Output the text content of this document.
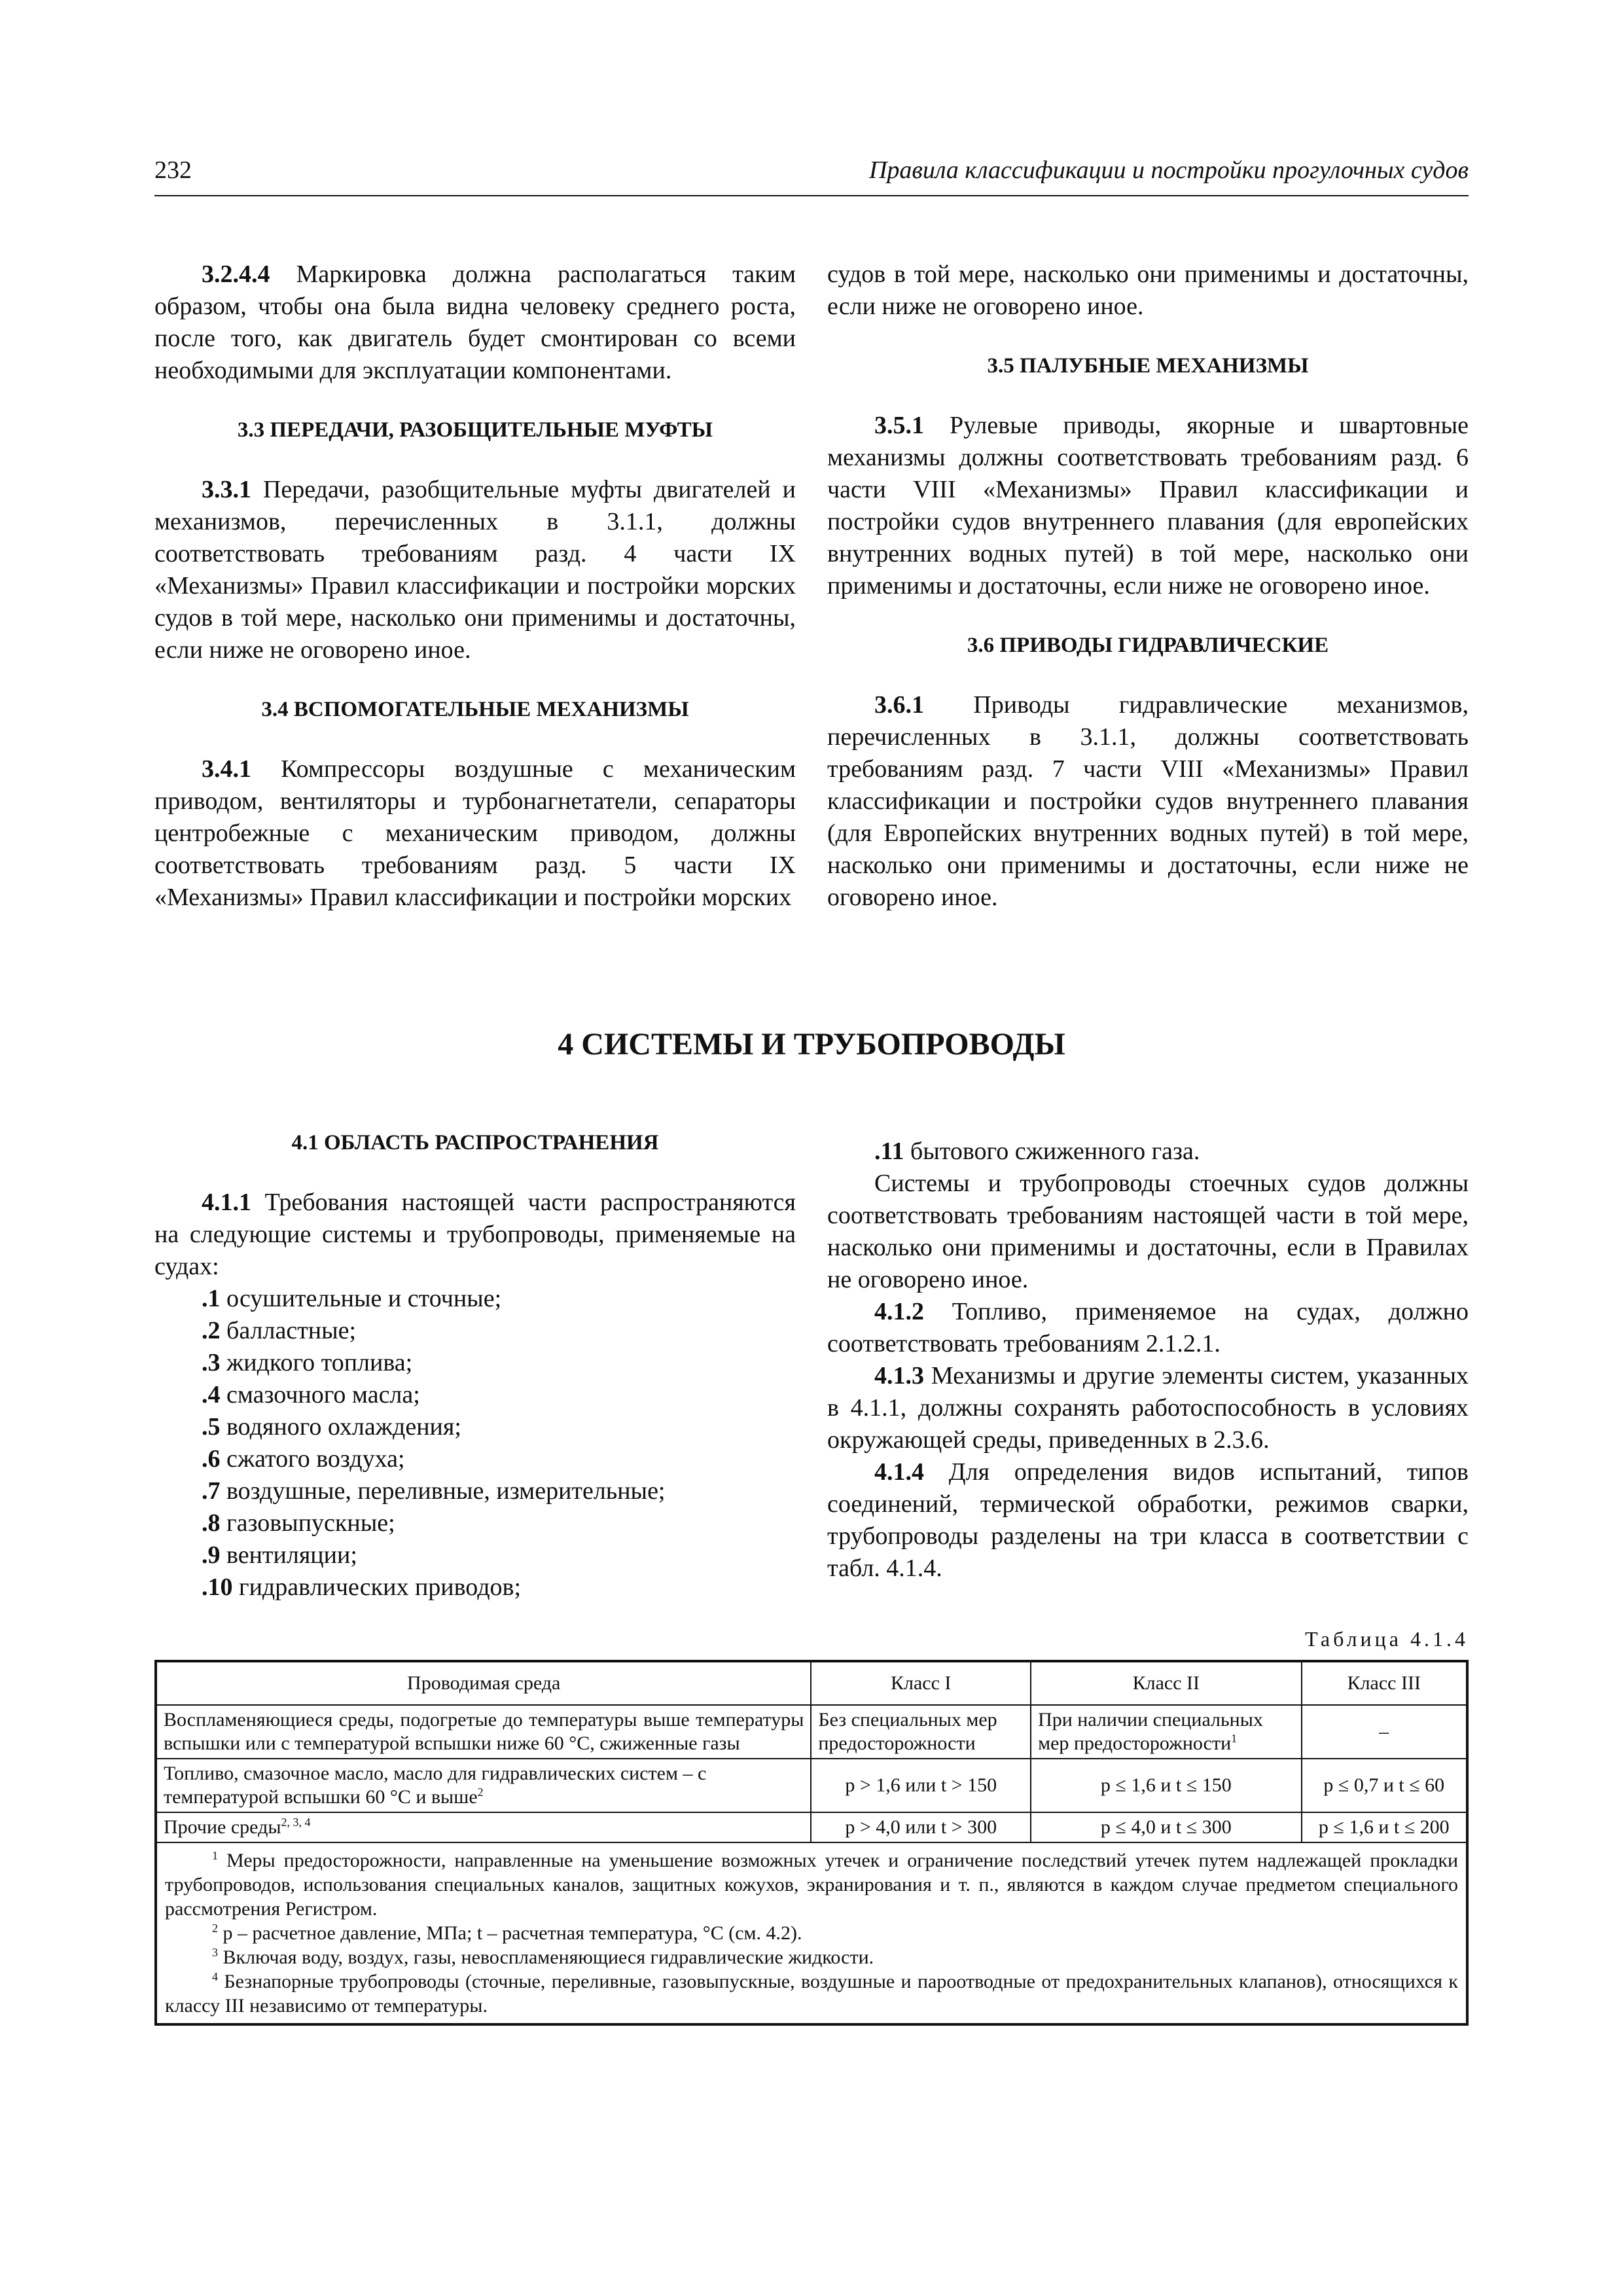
232	Правила классификации и постройки прогулочных судов

3.2.4.4 Маркировка должна располагаться таким образом, чтобы она была видна человеку среднего роста, после того, как двигатель будет смонтирован со всеми необходимыми для эксплуатации компонентами.

3.3 ПЕРЕДАЧИ, РАЗОБЩИТЕЛЬНЫЕ МУФТЫ

3.3.1 Передачи, разобщительные муфты двигателей и механизмов, перечисленных в 3.1.1, должны соответствовать требованиям разд. 4 части IX «Механизмы» Правил классификации и постройки морских судов в той мере, насколько они применимы и достаточны, если ниже не оговорено иное.

3.4 ВСПОМОГАТЕЛЬНЫЕ МЕХАНИЗМЫ

3.4.1 Компрессоры воздушные с механическим приводом, вентиляторы и турбонагнетатели, сепараторы центробежные с механическим приводом, должны соответствовать требованиям разд. 5 части IX «Механизмы» Правил классификации и постройки морских

судов в той мере, насколько они применимы и достаточны, если ниже не оговорено иное.

3.5 ПАЛУБНЫЕ МЕХАНИЗМЫ

3.5.1 Рулевые приводы, якорные и швартовные механизмы должны соответствовать требованиям разд. 6 части VIII «Механизмы» Правил классификации и постройки судов внутреннего плавания (для европейских внутренних водных путей) в той мере, насколько они применимы и достаточны, если ниже не оговорено иное.

3.6 ПРИВОДЫ ГИДРАВЛИЧЕСКИЕ

3.6.1 Приводы гидравлические механизмов, перечисленных в 3.1.1, должны соответствовать требованиям разд. 7 части VIII «Механизмы» Правил классификации и постройки судов внутреннего плавания (для Европейских внутренних водных путей) в той мере, насколько они применимы и достаточны, если ниже не оговорено иное.

4 СИСТЕМЫ И ТРУБОПРОВОДЫ
4.1 ОБЛАСТЬ РАСПРОСТРАНЕНИЯ

4.1.1 Требования настоящей части распространяются на следующие системы и трубопроводы, применяемые на судах:

.1 осушительные и сточные;

.2 балластные;

.3 жидкого топлива;

.4 смазочного масла;

.5 водяного охлаждения;

.6 сжатого воздуха;

.7 воздушные, переливные, измерительные;

.8 газовыпускные;

.9 вентиляции;

.10 гидравлических приводов;

.11 бытового сжиженного газа.

Системы и трубопроводы стоечных судов должны соответствовать требованиям настоящей части в той мере, насколько они применимы и достаточны, если в Правилах не оговорено иное.

4.1.2 Топливо, применяемое на судах, должно соответствовать требованиям 2.1.2.1.

4.1.3 Механизмы и другие элементы систем, указанных в 4.1.1, должны сохранять работоспособность в условиях окружающей среды, приведенных в 2.3.6.

4.1.4 Для определения видов испытаний, типов соединений, термической обработки, режимов сварки, трубопроводы разделены на три класса в соответствии с табл. 4.1.4.

Таблица 4.1.4
Проводимая среда	Класс I	Класс II	Класс III
Воспламеняющиеся среды, подогретые до температуры выше температуры вспышки или с температурой вспышки ниже 60 °С, сжиженные газы	Без специальных мер предосторожности	При наличии специальных мер предосторожности$^1$	–
Топливо, смазочное масло, масло для гидравлических систем – с температурой вспышки 60 °С и выше$^2$	p > 1,6 или t > 150	p ≤ 1,6 и t ≤ 150	p ≤ 0,7 и t ≤ 60
Прочие среды$^{2, 3, 4}$	p > 4,0 или t > 300	p ≤ 4,0 и t ≤ 300	p ≤ 1,6 и t ≤ 200

$^1$ Меры предосторожности, направленные на уменьшение возможных утечек и ограничение последствий утечек путем надлежащей прокладки трубопроводов, использования специальных каналов, защитных кожухов, экранирования и т. п., являются в каждом случае предметом специального рассмотрения Регистром.

$^2$ p – расчетное давление, МПа; t – расчетная температура, °С (см. 4.2).

$^3$ Включая воду, воздух, газы, невоспламеняющиеся гидравлические жидкости.

$^4$ Безнапорные трубопроводы (сточные, переливные, газовыпускные, воздушные и пароотводные от предохранительных клапанов), относящихся к классу III независимо от температуры.			
